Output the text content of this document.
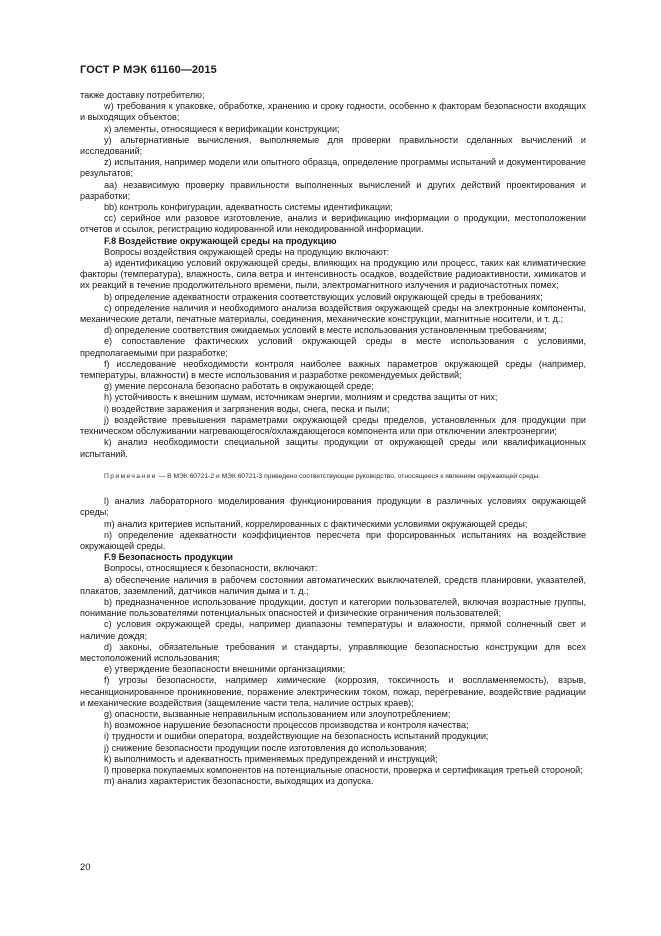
ГОСТ Р МЭК 61160—2015

также доставку потребителю;

w) требования к упаковке, обработке, хранению и сроку годности, особенно к факторам безопасности входящих и выходящих объектов;

x) элементы, относящиеся к верификации конструкции;

y) альтернативные вычисления, выполняемые для проверки правильности сделанных вычислений и исследований;

z) испытания, например модели или опытного образца, определение программы испытаний и документирование результатов;

aa) независимую проверку правильности выполненных вычислений и других действий проектирования и разработки;

bb) контроль конфигурации, адекватность системы идентификации;

cc) серийное или разовое изготовление, анализ и верификацию информации о продукции, местоположении отчетов и ссылок, регистрацию кодированной или некодированной информации.

F.8 Воздействие окружающей среды на продукцию

Вопросы воздействия окружающей среды на продукцию включают:

a) идентификацию условий окружающей среды, влияющих на продукцию или процесс, таких как климатические факторы (температура), влажность, сила ветра и интенсивность осадков, воздействие радиоактивности, химикатов и их реакций в течение продолжительного времени, пыли, электромагнитного излучения и радиочастотных помех;

b) определение адекватности отражения соответствующих условий окружающей среды в требованиях;

c) определение наличия и необходимого анализа воздействия окружающей среды на электронные компоненты, механические детали, печатные материалы, соединения, механические конструкции, магнитные носители, и т. д.;

d) определение соответствия ожидаемых условий в месте использования установленным требованиям;

e) сопоставление фактических условий окружающей среды в месте использования с условиями, предполагаемыми при разработке;

f) исследование необходимости контроля наиболее важных параметров окружающей среды (например, температуры, влажности) в месте использования и разработке рекомендуемых действий;

g) умение персонала безопасно работать в окружающей среде;

h) устойчивость к внешним шумам, источникам энергии, молниям и средства защиты от них;

i) воздействие заражения и загрязнения воды, снега, песка и пыли;

j) воздействие превышения параметрами окружающей среды пределов, установленных для продукции при техническом обслуживании нагревающегося/охлаждающегося компонента или при отключении электроэнергии;

k) анализ необходимости специальной защиты продукции от окружающей среды или квалификационных испытаний.

Примечание — В МЭК 60721-2 и МЭК 60721-3 приведено соответствующее руководство, относящееся к явлениям окружающей среды.

l) анализ лабораторного моделирования функционирования продукции в различных условиях окружающей среды;

m) анализ критериев испытаний, коррелированных с фактическими условиями окружающей среды;

n) определение адекватности коэффициентов пересчета при форсированных испытаниях на воздействие окружающей среды.

F.9 Безопасность продукции

Вопросы, относящиеся к безопасности, включают:

a) обеспечение наличия в рабочем состоянии автоматических выключателей, средств планировки, указателей, плакатов, заземлений, датчиков наличия дыма и т. д.;

b) предназначенное использование продукции, доступ и категории пользователей, включая возрастные группы, понимание пользователями потенциальных опасностей и физические ограничения пользователей;

c) условия окружающей среды, например диапазоны температуры и влажности, прямой солнечный свет и наличие дождя;

d) законы, обязательные требования и стандарты, управляющие безопасностью конструкции для всех местоположений использования;

e) утверждение безопасности внешними организациями;

f) угрозы безопасности, например химические (коррозия, токсичность и воспламеняемость), взрыв, несанкционированное проникновение, поражение электрическим током, пожар, перегревание, воздействие радиации и механические воздействия (защемление части тела, наличие острых краев);

g) опасности, вызванные неправильным использованием или злоупотреблением;

h) возможное нарушение безопасности процессов производства и контроля качества;

i) трудности и ошибки оператора, воздействующие на безопасность испытаний продукции;

j) снижение безопасности продукции после изготовления до использования;

k) выполнимость и адекватность применяемых предупреждений и инструкций;

l) проверка покупаемых компонентов на потенциальные опасности, проверка и сертификация третьей стороной;

m) анализ характеристик безопасности, выходящих из допуска.

20
